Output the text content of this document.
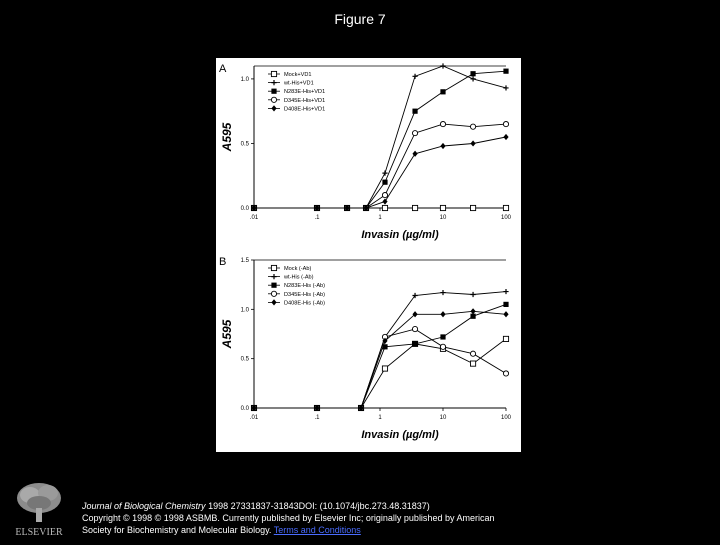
Figure 7
A
.01	.1	1	10	100
0.0
0.5
1.0
A595
Invasin (µg/ml)
Mock+VD1
wt-His+VD1
N283E-His+VD1
D345E-His+VD1
D408E-His+VD1
B
.01	.1	1	10	100
0.0
0.5
1.0
1.5
A595
Invasin (µg/ml)
Mock (-Ab)
wt-His (-Ab)
N283E-His (-Ab)
D345E-His (-Ab)
D408E-His (-Ab)
ELSEVIER
Journal of Biological Chemistry 1998 27331837-31843DOI: (10.1074/jbc.273.48.31837)
Copyright © 1998 © 1998 ASBMB. Currently published by Elsevier Inc; originally published by American
Society for Biochemistry and Molecular Biology. Terms and Conditions
